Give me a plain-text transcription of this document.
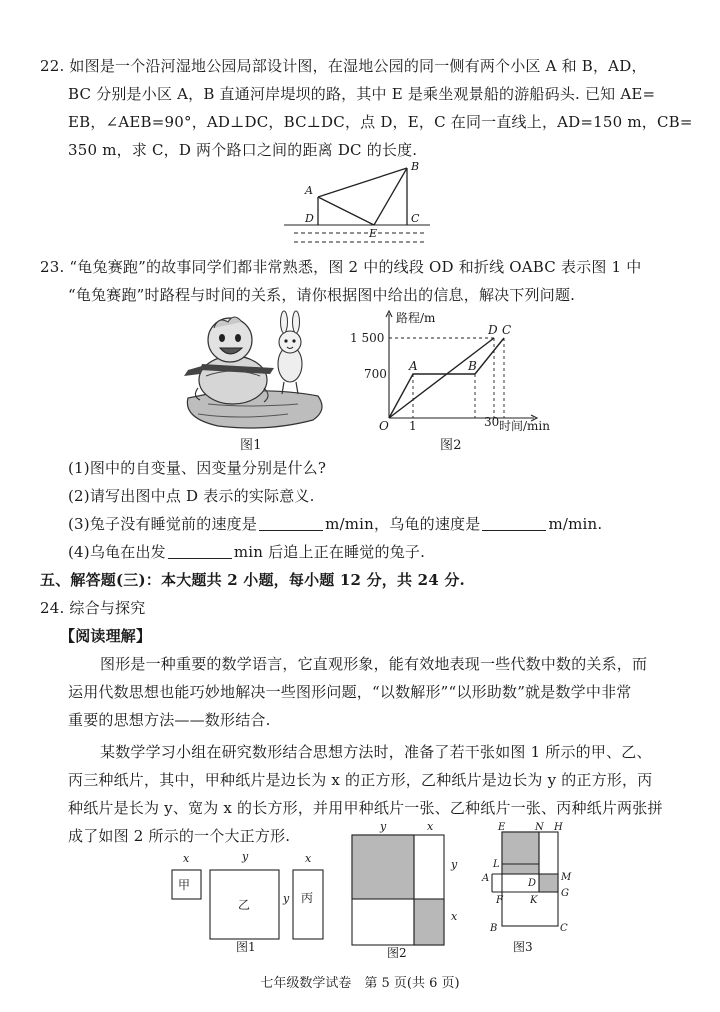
22. 如图是一个沿河湿地公园局部设计图，在湿地公园的同一侧有两个小区 A 和 B，AD，
BC 分别是小区 A，B 直通河岸堤坝的路，其中 E 是乘坐观景船的游船码头. 已知 AE=
EB，∠AEB=90°，AD⊥DC，BC⊥DC，点 D，E，C 在同一直线上，AD=150 m，CB=
350 m，求 C，D 两个路口之间的距离 DC 的长度.
A
B
D	C
E
23. “龟兔赛跑”的故事同学们都非常熟悉，图 2 中的线段 OD 和折线 OABC 表示图 1 中
“龟兔赛跑”时路程与时间的关系，请你根据图中给出的信息，解决下列问题.
图1
路程/m
时间/min
O
1 500
700
1	30
A	B
D C
图2
(1)图中的自变量、因变量分别是什么?
(2)请写出图中点 D 表示的实际意义.
(3)兔子没有睡觉前的速度是	m/min，乌龟的速度是	m/min.
(4)乌龟在出发	min 后追上正在睡觉的兔子.
五、解答题(三)：本大题共 2 小题，每小题 12 分，共 24 分.
24. 综合与探究
【阅读理解】
图形是一种重要的数学语言，它直观形象，能有效地表现一些代数中数的关系，而
运用代数思想也能巧妙地解决一些图形问题，“以数解形”“以形助数”就是数学中非常
重要的思想方法——数形结合.
某数学学习小组在研究数形结合思想方法时，准备了若干张如图 1 所示的甲、乙、
丙三种纸片，其中，甲种纸片是边长为 x 的正方形，乙种纸片是边长为 y 的正方形，丙
种纸片是长为 y、宽为 x 的长方形，并用甲种纸片一张、乙种纸片一张、丙种纸片两张拼
成了如图 2 所示的一个大正方形.
x
甲
y
乙
x
y 丙
图1
y	x
y
x
图2
E	N H
L
M
A	D
G
F	K
B	C
图3
七年级数学试卷　第 5 页(共 6 页)
